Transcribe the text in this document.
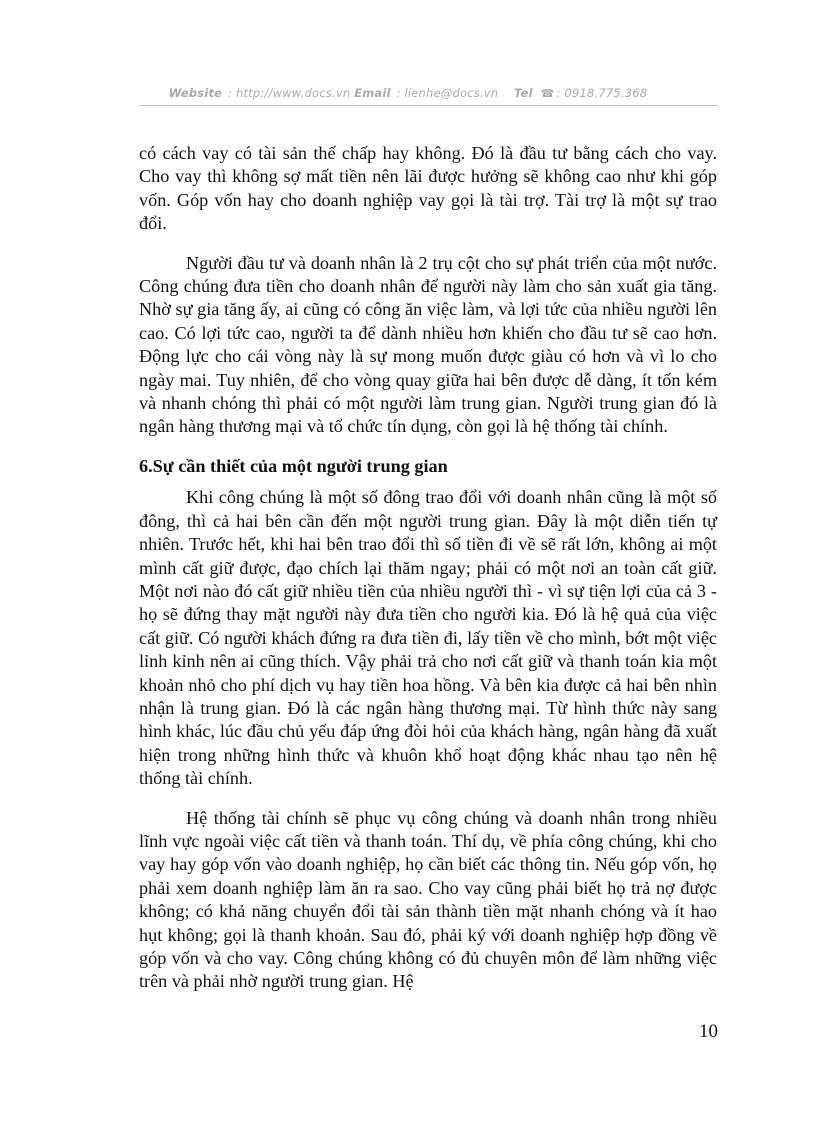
Website : http://www.docs.vn Email : lienhe@docs.vn Tel ☎ : 0918.775.368

có cách vay có tài sản thế chấp hay không. Đó là đầu tư bằng cách cho vay. Cho vay thì không sợ mất tiền nên lãi được hưởng sẽ không cao như khi góp vốn. Góp vốn hay cho doanh nghiệp vay gọi là tài trợ. Tài trợ là một sự trao đổi.

Người đầu tư và doanh nhân là 2 trụ cột cho sự phát triển của một nước. Công chúng đưa tiền cho doanh nhân để người này làm cho sản xuất gia tăng. Nhờ sự gia tăng ấy, ai cũng có công ăn việc làm, và lợi tức của nhiều người lên cao. Có lợi tức cao, người ta để dành nhiều hơn khiến cho đầu tư sẽ cao hơn. Động lực cho cái vòng này là sự mong muốn được giàu có hơn và vì lo cho ngày mai. Tuy nhiên, để cho vòng quay giữa hai bên được dễ dàng, ít tốn kém và nhanh chóng thì phải có một người làm trung gian. Người trung gian đó là ngân hàng thương mại và tổ chức tín dụng, còn gọi là hệ thống tài chính.

6.Sự cần thiết của một người trung gian

Khi công chúng là một số đông trao đổi với doanh nhân cũng là một số đông, thì cả hai bên cần đến một người trung gian. Đây là một diễn tiến tự nhiên. Trước hết, khi hai bên trao đổi thì số tiền đi về sẽ rất lớn, không ai một mình cất giữ được, đạo chích lại thăm ngay; phải có một nơi an toàn cất giữ. Một nơi nào đó cất giữ nhiều tiền của nhiều người thì - vì sự tiện lợi của cả 3 - họ sẽ đứng thay mặt người này đưa tiền cho người kia. Đó là hệ quả của việc cất giữ. Có người khách đứng ra đưa tiền đi, lấy tiền về cho mình, bớt một việc lỉnh kỉnh nên ai cũng thích. Vậy phải trả cho nơi cất giữ và thanh toán kia một khoản nhỏ cho phí dịch vụ hay tiền hoa hồng. Và bên kia được cả hai bên nhìn nhận là trung gian. Đó là các ngân hàng thương mại. Từ hình thức này sang hình khác, lúc đầu chủ yếu đáp ứng đòi hỏi của khách hàng, ngân hàng đã xuất hiện trong những hình thức và khuôn khổ hoạt động khác nhau tạo nên hệ thống tài chính.

Hệ thống tài chính sẽ phục vụ công chúng và doanh nhân trong nhiều lĩnh vực ngoài việc cất tiền và thanh toán. Thí dụ, về phía công chúng, khi cho vay hay góp vốn vào doanh nghiệp, họ cần biết các thông tin. Nếu góp vốn, họ phải xem doanh nghiệp làm ăn ra sao. Cho vay cũng phải biết họ trả nợ được không; có khả năng chuyển đổi tài sản thành tiền mặt nhanh chóng và ít hao hụt không; gọi là thanh khoản. Sau đó, phải ký với doanh nghiệp hợp đồng về góp vốn và cho vay. Công chúng không có đủ chuyên môn để làm những việc trên và phải nhờ người trung gian. Hệ

10
